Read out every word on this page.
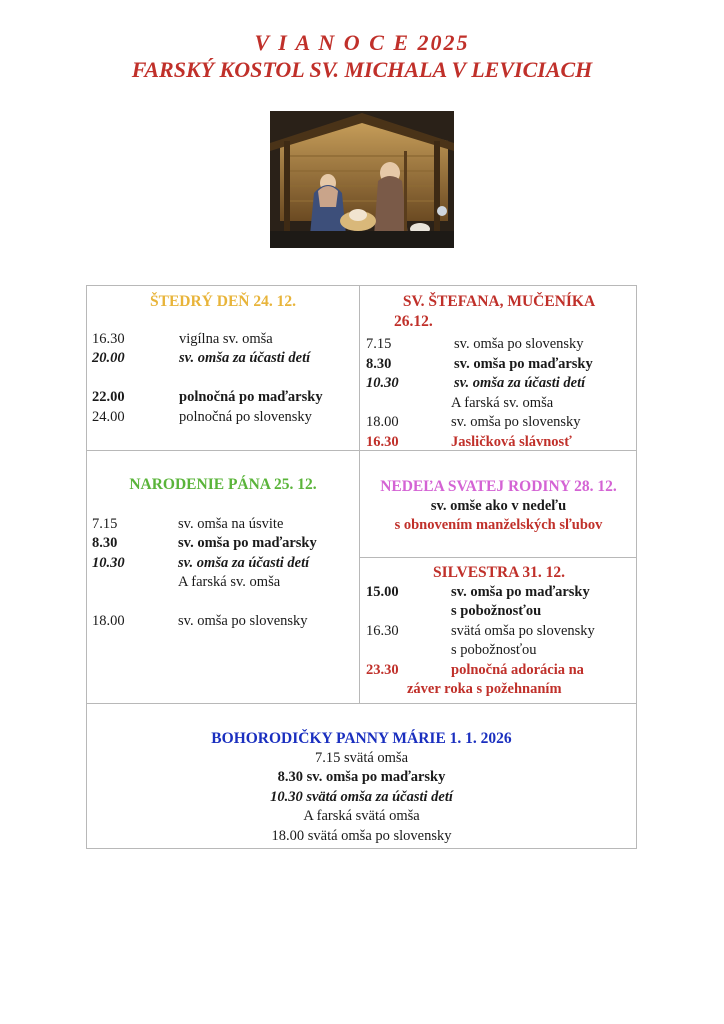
V I A N O C E 2025
FARSKÝ KOSTOL SV. MICHALA V LEVICIACH
ŠTEDRÝ DEŇ 24. 12.
16.30	vigílna sv. omša
20.00	sv. omša za účasti detí
22.00	polnočná po maďarsky
24.00	polnočná po slovensky
SV. ŠTEFANA, MUČENÍKA
26.12.
7.15	sv. omša po slovensky
8.30	sv. omša po maďarsky
10.30	sv. omša za účasti detí
A farská sv. omša
18.00	sv. omša po slovensky
16.30	Jasličková slávnosť
NARODENIE PÁNA 25. 12.
7.15	sv. omša na úsvite
8.30	sv. omša po maďarsky
10.30	sv. omša za účasti detí
A farská sv. omša
18.00	sv. omša po slovensky
NEDEĽA SVATEJ RODINY 28. 12.
sv. omše ako v nedeľu
s obnovením manželských sľubov
SILVESTRA 31. 12.
15.00	sv. omša po maďarsky
s pobožnosťou
16.30	svätá omša po slovensky
s pobožnosťou
23.30	polnočná adorácia na
záver roka s požehnaním
BOHORODIČKY PANNY MÁRIE 1. 1. 2026
7.15 svätá omša
8.30 sv. omša po maďarsky
10.30 svätá omša za účasti detí
A farská svätá omša
18.00 svätá omša po slovensky
